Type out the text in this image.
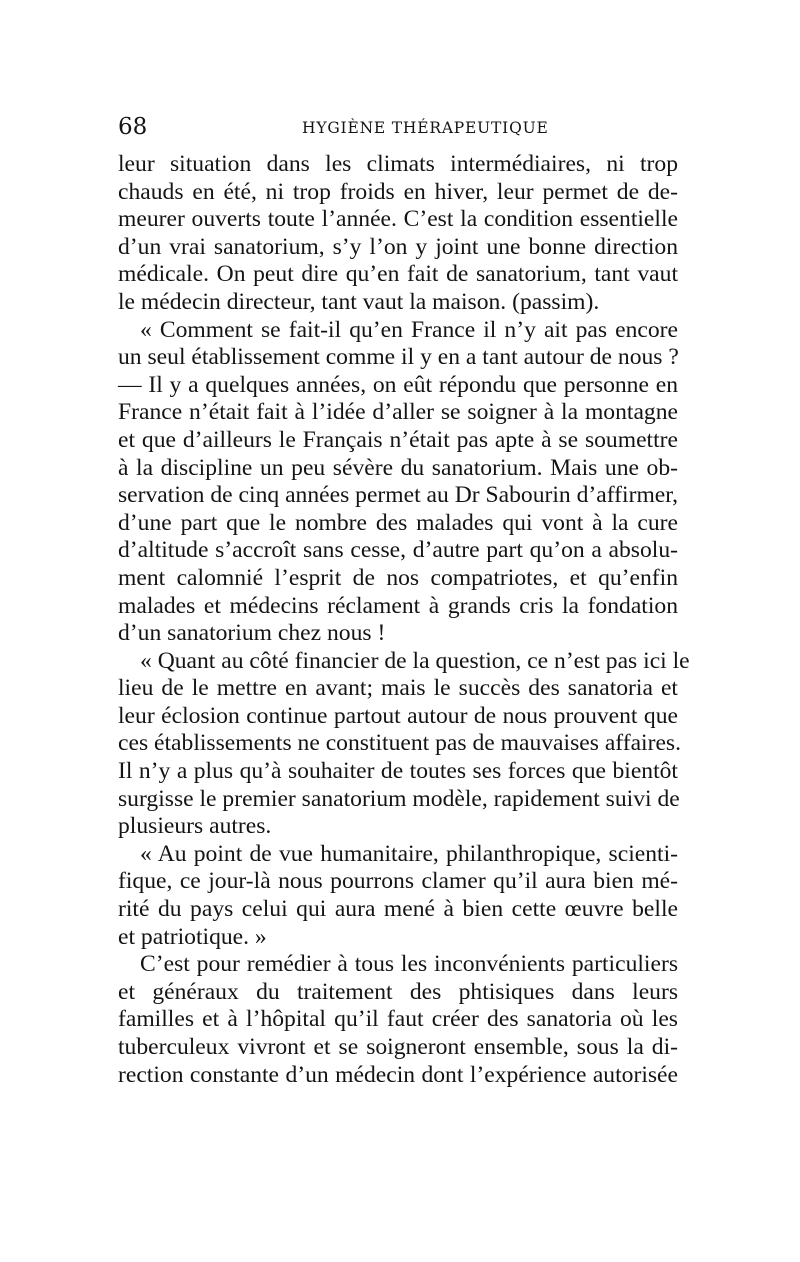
68	HYGIÈNE THÉRAPEUTIQUE

leur situation dans les climats intermédiaires, ni trop
chauds en été, ni trop froids en hiver, leur permet de de-
meurer ouverts toute l’année. C’est la condition essentielle
d’un vrai sanatorium, s’y l’on y joint une bonne direction
médicale. On peut dire qu’en fait de sanatorium, tant vaut
le médecin directeur, tant vaut la maison. (passim).

« Comment se fait-il qu’en France il n’y ait pas encore
un seul établissement comme il y en a tant autour de nous ?
— Il y a quelques années, on eût répondu que personne en
France n’était fait à l’idée d’aller se soigner à la montagne
et que d’ailleurs le Français n’était pas apte à se soumettre
à la discipline un peu sévère du sanatorium. Mais une ob-
servation de cinq années permet au Dr Sabourin d’affirmer,
d’une part que le nombre des malades qui vont à la cure
d’altitude s’accroît sans cesse, d’autre part qu’on a absolu-
ment calomnié l’esprit de nos compatriotes, et qu’enfin
malades et médecins réclament à grands cris la fondation
d’un sanatorium chez nous !

« Quant au côté financier de la question, ce n’est pas ici le
lieu de le mettre en avant; mais le succès des sanatoria et
leur éclosion continue partout autour de nous prouvent que
ces établissements ne constituent pas de mauvaises affaires.
Il n’y a plus qu’à souhaiter de toutes ses forces que bientôt
surgisse le premier sanatorium modèle, rapidement suivi de
plusieurs autres.

« Au point de vue humanitaire, philanthropique, scienti-
fique, ce jour-là nous pourrons clamer qu’il aura bien mé-
rité du pays celui qui aura mené à bien cette œuvre belle
et patriotique. »

C’est pour remédier à tous les inconvénients particuliers
et généraux du traitement des phtisiques dans leurs
familles et à l’hôpital qu’il faut créer des sanatoria où les
tuberculeux vivront et se soigneront ensemble, sous la di-
rection constante d’un médecin dont l’expérience autorisée
